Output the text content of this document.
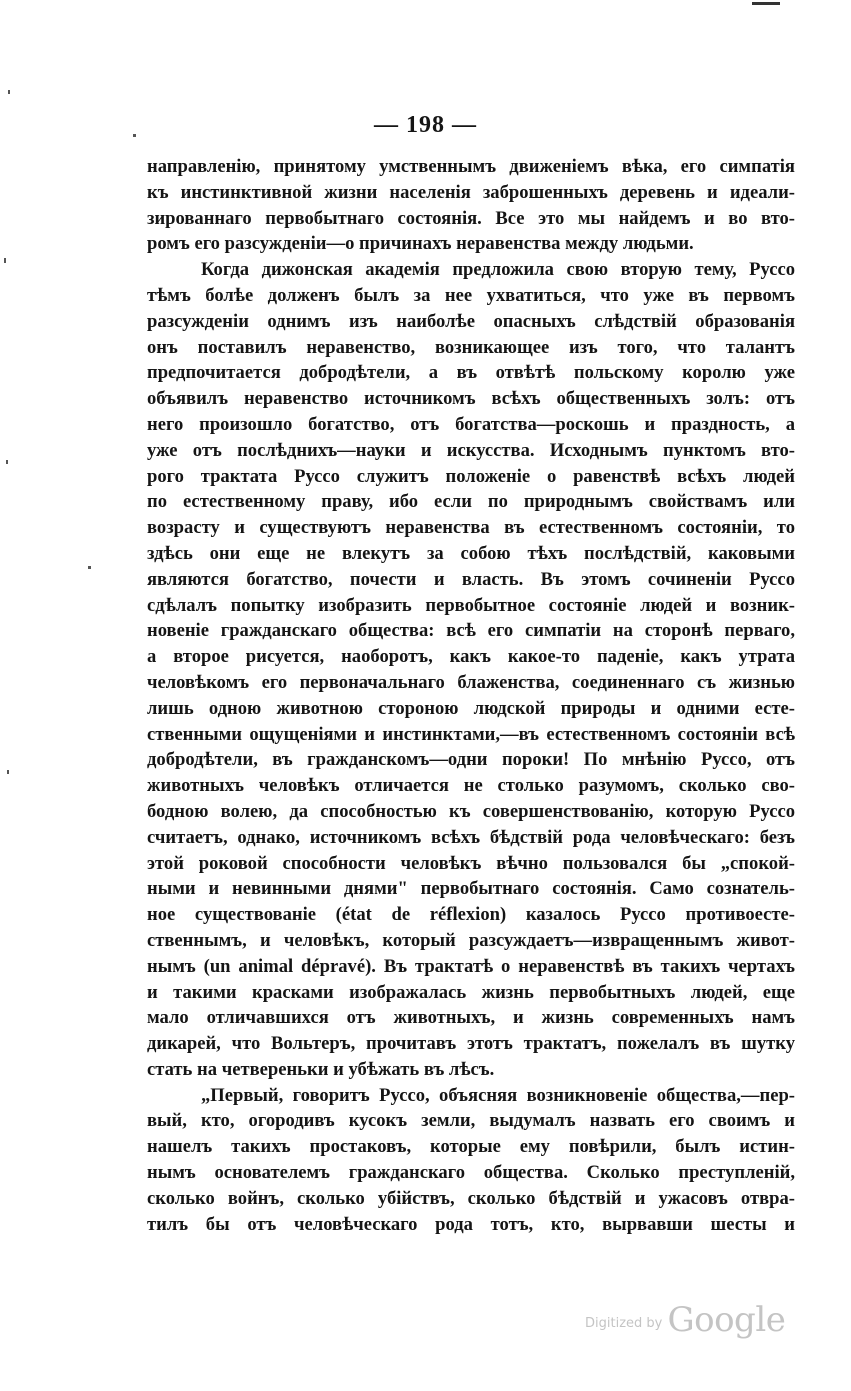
— 198 —
направленію, принятому умственнымъ движеніемъ вѣка, его симпатія
къ инстинктивной жизни населенія заброшенныхъ деревень и идеали-
зированнаго первобытнаго состоянія. Все это мы найдемъ и во вто-
ромъ его разсужденіи—о причинахъ неравенства между людьми.
Когда дижонская академія предложила свою вторую тему, Руссо
тѣмъ болѣе долженъ былъ за нее ухватиться, что уже въ первомъ
разсужденіи однимъ изъ наиболѣе опасныхъ слѣдствій образованія
онъ поставилъ неравенство, возникающее изъ того, что талантъ
предпочитается добродѣтели, а въ отвѣтѣ польскому королю уже
объявилъ неравенство источникомъ всѣхъ общественныхъ золъ: отъ
него произошло богатство, отъ богатства—роскошь и праздность, а
уже отъ послѣднихъ—науки и искусства. Исходнымъ пунктомъ вто-
рого трактата Руссо служитъ положеніе о равенствѣ всѣхъ людей
по естественному праву, ибо если по природнымъ свойствамъ или
возрасту и существуютъ неравенства въ естественномъ состояніи, то
здѣсь они еще не влекутъ за собою тѣхъ послѣдствій, каковыми
являются богатство, почести и власть. Въ этомъ сочиненіи Руссо
сдѣлалъ попытку изобразить первобытное состояніе людей и возник-
новеніе гражданскаго общества: всѣ его симпатіи на сторонѣ перваго,
а второе рисуется, наоборотъ, какъ какое-то паденіе, какъ утрата
человѣкомъ его первоначальнаго блаженства, соединеннаго съ жизнью
лишь одною животною стороною людской природы и одними есте-
ственными ощущеніями и инстинктами,—въ естественномъ состояніи всѣ
добродѣтели, въ гражданскомъ—одни пороки! По мнѣнію Руссо, отъ
животныхъ человѣкъ отличается не столько разумомъ, сколько сво-
бодною волею, да способностью къ совершенствованію, которую Руссо
считаетъ, однако, источникомъ всѣхъ бѣдствій рода человѣческаго: безъ
этой роковой способности человѣкъ вѣчно пользовался бы „спокой-
ными и невинными днями" первобытнаго состоянія. Само сознатель-
ное существованіе (état de réflexion) казалось Руссо противоесте-
ственнымъ, и человѣкъ, который разсуждаетъ—извращеннымъ живот-
нымъ (un animal dépravé). Въ трактатѣ о неравенствѣ въ такихъ чертахъ
и такими красками изображалась жизнь первобытныхъ людей, еще
мало отличавшихся отъ животныхъ, и жизнь современныхъ намъ
дикарей, что Вольтеръ, прочитавъ этотъ трактатъ, пожелалъ въ шутку
стать на четвереньки и убѣжать въ лѣсъ.
„Первый, говоритъ Руссо, объясняя возникновеніе общества,—пер-
вый, кто, огородивъ кусокъ земли, выдумалъ назвать его своимъ и
нашелъ такихъ простаковъ, которые ему повѣрили, былъ истин-
нымъ основателемъ гражданскаго общества. Сколько преступленій,
сколько войнъ, сколько убійствъ, сколько бѣдствій и ужасовъ отвра-
тилъ бы отъ человѣческаго рода тотъ, кто, вырвавши шесты и
$^{Digitized by}$ Google
